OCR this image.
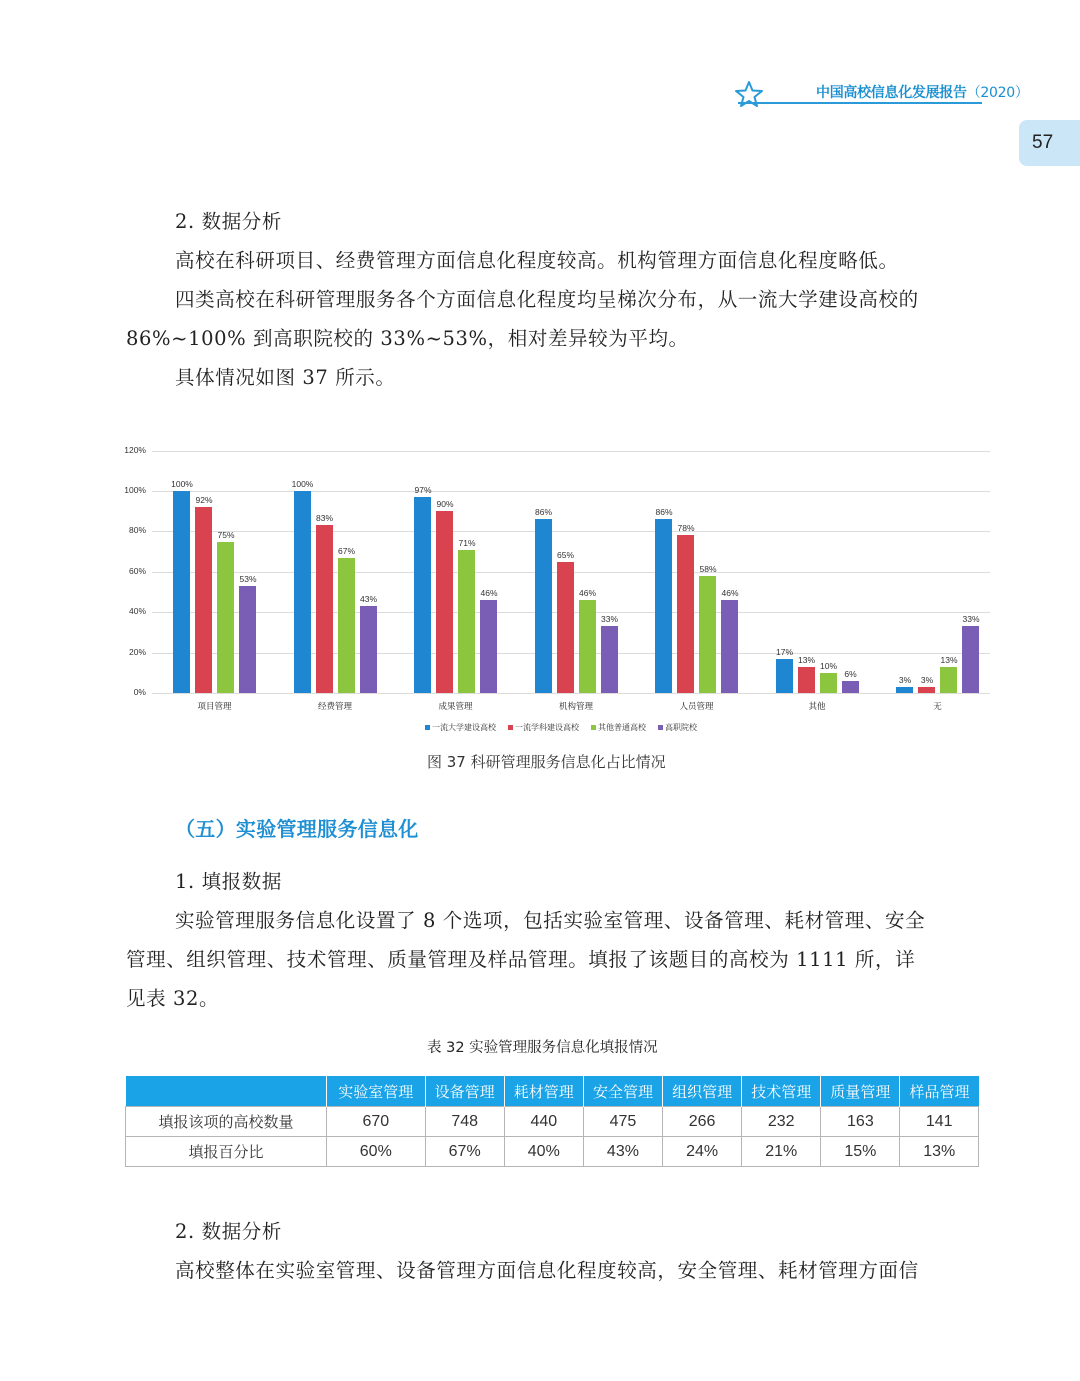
中国高校信息化发展报告（2020）
57
2. 数据分析
高校在科研项目、经费管理方面信息化程度较高。机构管理方面信息化程度略低。
四类高校在科研管理服务各个方面信息化程度均呈梯次分布，从一流大学建设高校的
86%~100% 到高职院校的 33%~53%，相对差异较为平均。
具体情况如图 37 所示。
0%
20%
40%
60%
80%
100%
120%
100%
92%
75%
53%
项目管理
100%
83%
67%
43%
经费管理
97%
90%
71%
46%
成果管理
86%
65%
46%
33%
机构管理
86%
78%
58%
46%
人员管理
17%
13%
10%
6%
其他
3%	3%
13%
33%
无
一流大学建设高校 一流学科建设高校 其他普通高校 高职院校
图 37 科研管理服务信息化占比情况
（五）实验管理服务信息化
1. 填报数据
实验管理服务信息化设置了 8 个选项，包括实验室管理、设备管理、耗材管理、安全
管理、组织管理、技术管理、质量管理及样品管理。填报了该题目的高校为 1111 所，详
见表 32。
表 32 实验管理服务信息化填报情况
	实验室管理	设备管理	耗材管理	安全管理	组织管理	技术管理	质量管理	样品管理
填报该项的高校数量	670	748	440	475	266	232	163	141
填报百分比	60%	67%	40%	43%	24%	21%	15%	13%
2. 数据分析
高校整体在实验室管理、设备管理方面信息化程度较高，安全管理、耗材管理方面信
